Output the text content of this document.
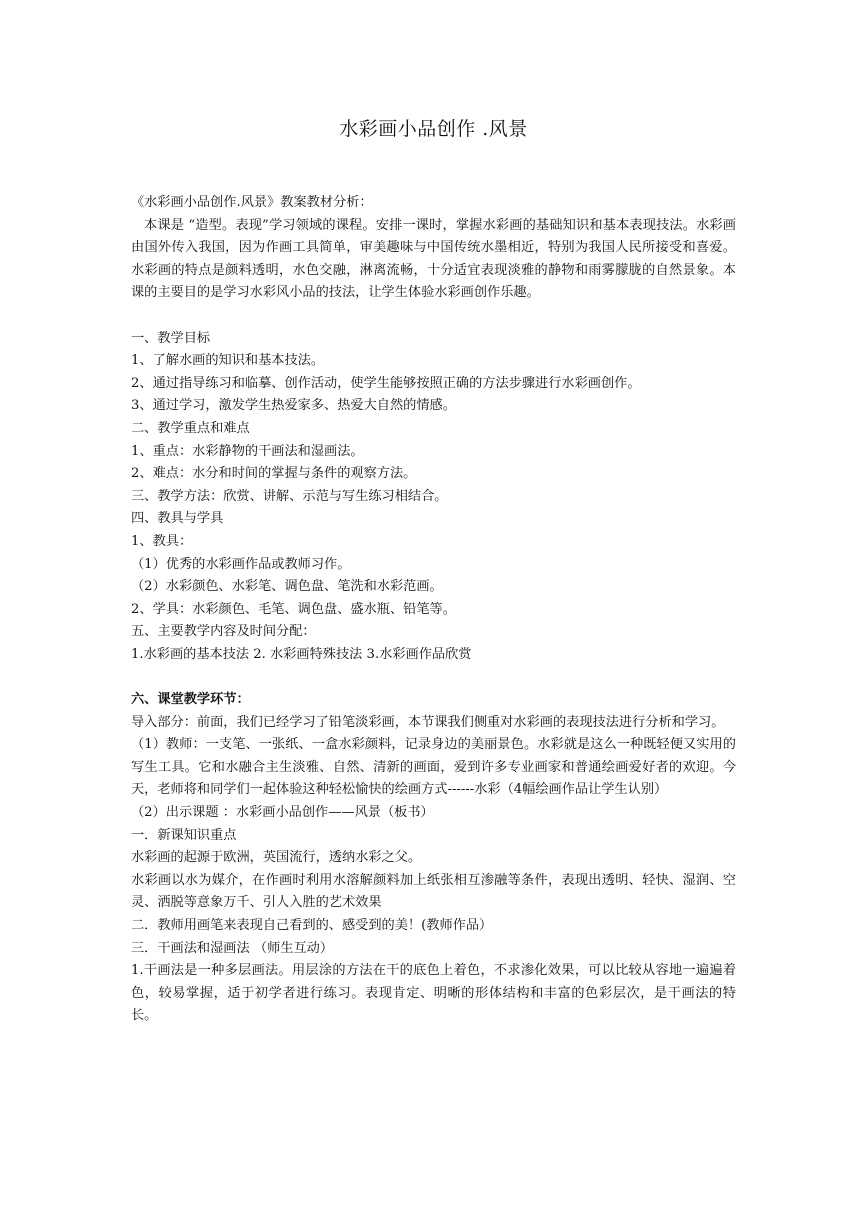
水彩画小品创作 .风景

《水彩画小品创作.风景》教案教材分析：

本课是 “造型。表现”学习领域的课程。安排一课时，掌握水彩画的基础知识和基本表现技法。水彩画由国外传入我国，因为作画工具简单，审美趣味与中国传统水墨相近，特别为我国人民所接受和喜爱。水彩画的特点是颜料透明，水色交融，淋离流畅，十分适宜表现淡雅的静物和雨雾朦胧的自然景象。本课的主要目的是学习水彩风小品的技法，让学生体验水彩画创作乐趣。

一、教学目标

1、了解水画的知识和基本技法。

2、通过指导练习和临摹、创作活动，使学生能够按照正确的方法步骤进行水彩画创作。

3、通过学习，激发学生热爱家多、热爱大自然的情感。

二、教学重点和难点

1、重点：水彩静物的干画法和湿画法。

2、难点：水分和时间的掌握与条件的观察方法。

三、教学方法：欣赏、讲解、示范与写生练习相结合。

四、教具与学具

1、教具：

（1）优秀的水彩画作品或教师习作。

（2）水彩颜色、水彩笔、调色盘、笔洗和水彩范画。

2、学具：水彩颜色、毛笔、调色盘、盛水瓶、铅笔等。

五、主要教学内容及时间分配：

1.水彩画的基本技法 2. 水彩画特殊技法 3.水彩画作品欣赏

六、课堂教学环节：

导入部分：前面，我们已经学习了铅笔淡彩画，本节课我们侧重对水彩画的表现技法进行分析和学习。

（1）教师：一支笔、一张纸、一盒水彩颜料，记录身边的美丽景色。水彩就是这么一种既轻便又实用的写生工具。它和水融合主生淡雅、自然、清新的画面，爱到许多专业画家和普通绘画爱好者的欢迎。今天，老师将和同学们一起体验这种轻松愉快的绘画方式------水彩（4幅绘画作品让学生认别）

（2）出示课题 ：水彩画小品创作——风景（板书）

一．新课知识重点

水彩画的起源于欧洲，英国流行，透纳水彩之父。

水彩画以水为媒介，在作画时利用水溶解颜料加上纸张相互渗融等条件，表现出透明、轻快、湿润、空灵、洒脱等意象万千、引人入胜的艺术效果

二．教师用画笔来表现自己看到的、感受到的美！(教师作品）

三．干画法和湿画法 （师生互动）

1.干画法是一种多层画法。用层涂的方法在干的底色上着色，不求渗化效果，可以比较从容地一遍遍着色，较易掌握，适于初学者进行练习。表现肯定、明晰的形体结构和丰富的色彩层次，是干画法的特长。
